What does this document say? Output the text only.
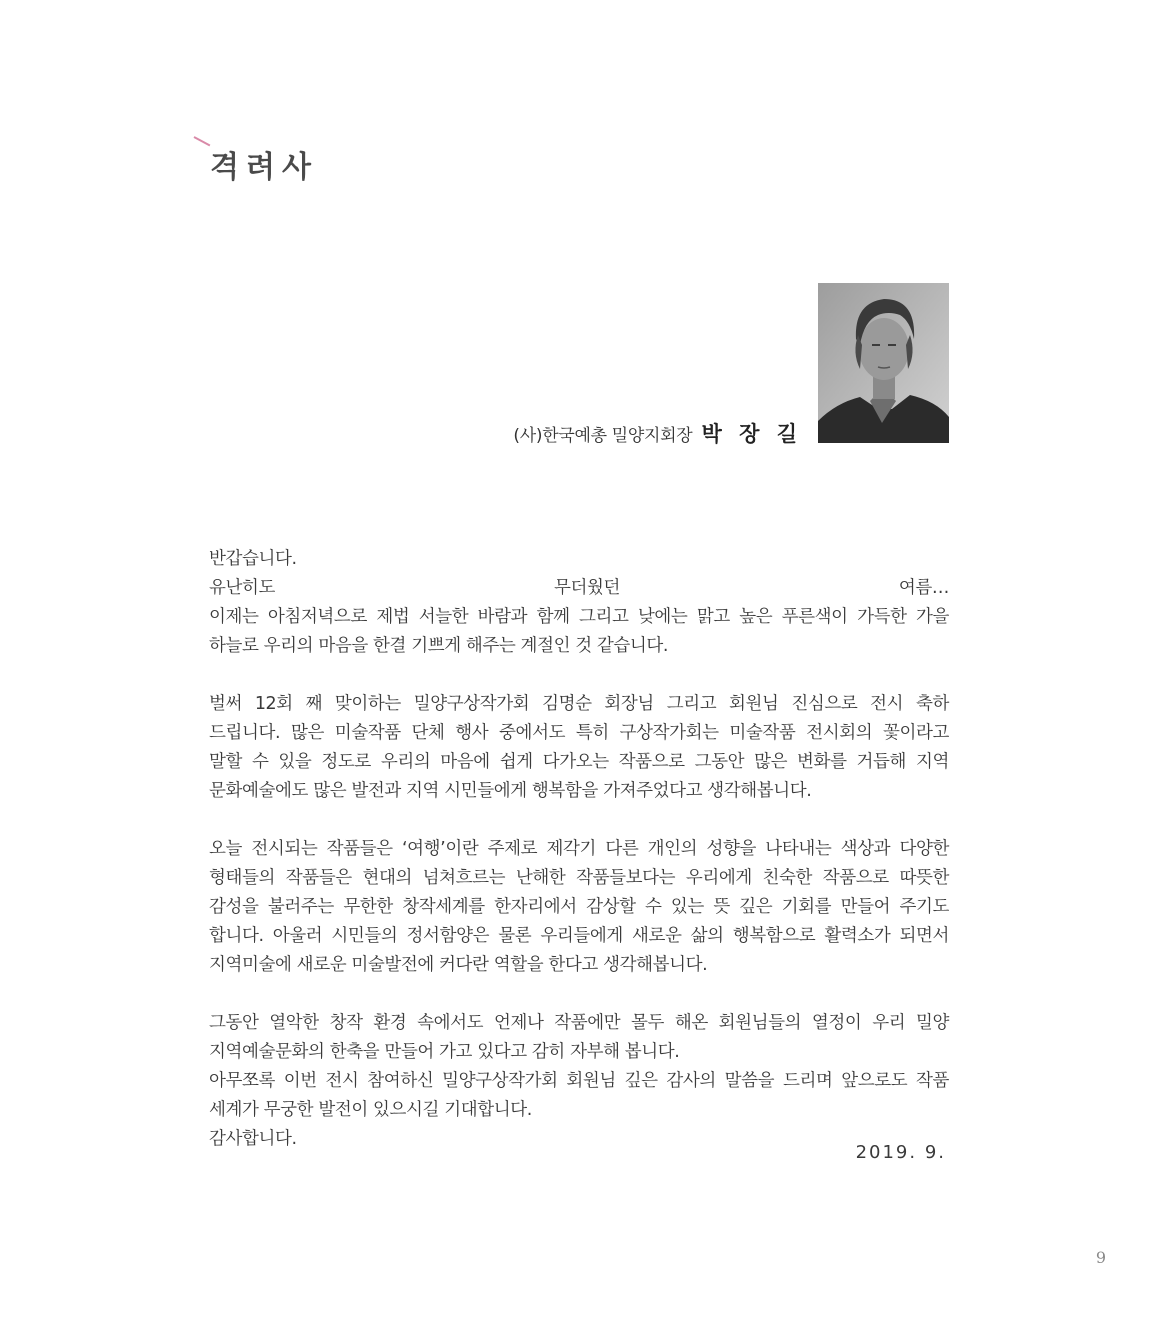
격려사
(사)한국예총 밀양지회장 박 장 길

반갑습니다.
유난히도 무더웠던 여름…
이제는 아침저녁으로 제법 서늘한 바람과 함께 그리고 낮에는 맑고 높은 푸른색이 가득한 가을
하늘로 우리의 마음을 한결 기쁘게 해주는 계절인 것 같습니다.

벌써 12회 째 맞이하는 밀양구상작가회 김명순 회장님 그리고 회원님 진심으로 전시 축하
드립니다. 많은 미술작품 단체 행사 중에서도 특히 구상작가회는 미술작품 전시회의 꽃이라고
말할 수 있을 정도로 우리의 마음에 쉽게 다가오는 작품으로 그동안 많은 변화를 거듭해 지역
문화예술에도 많은 발전과 지역 시민들에게 행복함을 가져주었다고 생각해봅니다.

오늘 전시되는 작품들은 ‘여행’이란 주제로 제각기 다른 개인의 성향을 나타내는 색상과 다양한
형태들의 작품들은 현대의 넘쳐흐르는 난해한 작품들보다는 우리에게 친숙한 작품으로 따뜻한
감성을 불러주는 무한한 창작세계를 한자리에서 감상할 수 있는 뜻 깊은 기회를 만들어 주기도
합니다. 아울러 시민들의 정서함양은 물론 우리들에게 새로운 삶의 행복함으로 활력소가 되면서
지역미술에 새로운 미술발전에 커다란 역할을 한다고 생각해봅니다.

그동안 열악한 창작 환경 속에서도 언제나 작품에만 몰두 해온 회원님들의 열정이 우리 밀양
지역예술문화의 한축을 만들어 가고 있다고 감히 자부해 봅니다.
아무쪼록 이번 전시 참여하신 밀양구상작가회 회원님 깊은 감사의 말씀을 드리며 앞으로도 작품
세계가 무궁한 발전이 있으시길 기대합니다.
감사합니다.

2019. 9.
9
